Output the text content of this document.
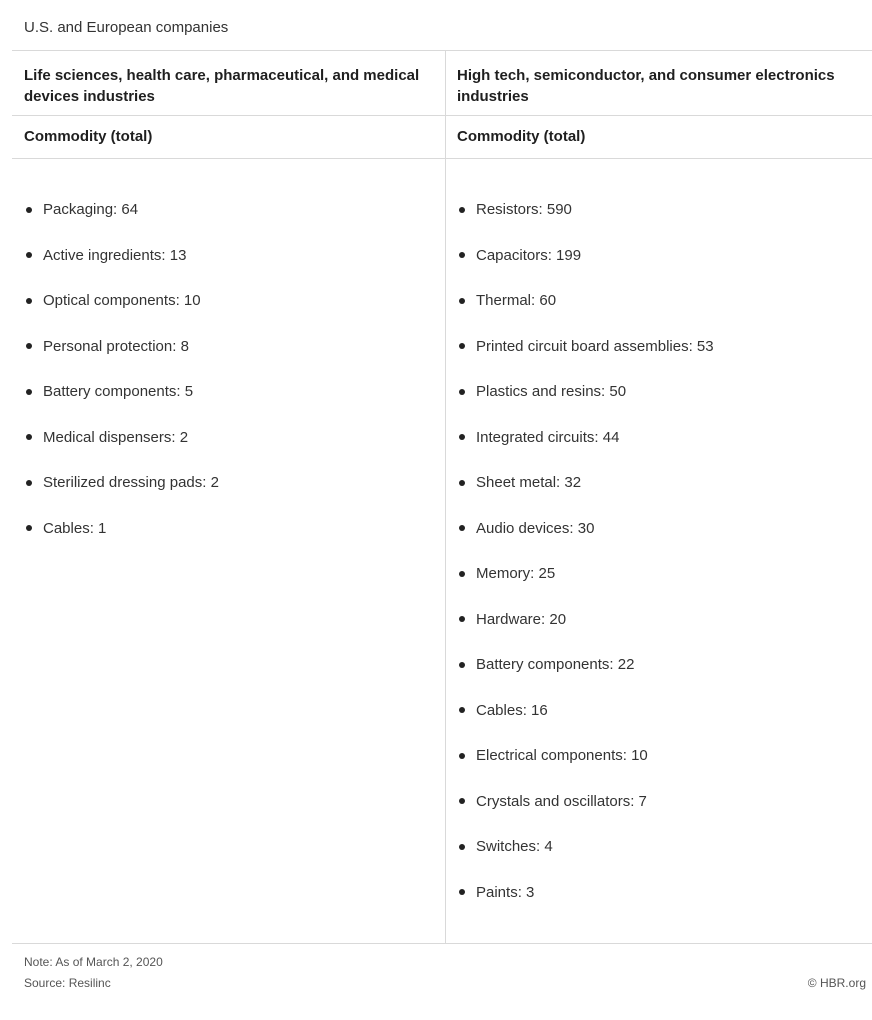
U.S. and European companies
Life sciences, health care, pharmaceutical, and medical devices industries
Commodity (total)
Packaging: 64
Active ingredients: 13
Optical components: 10
Personal protection: 8
Battery components: 5
Medical dispensers: 2
Sterilized dressing pads: 2
Cables: 1
High tech, semiconductor, and consumer electronics industries
Commodity (total)
Resistors: 590
Capacitors: 199
Thermal: 60
Printed circuit board assemblies: 53
Plastics and resins: 50
Integrated circuits: 44
Sheet metal: 32
Audio devices: 30
Memory: 25
Hardware: 20
Battery components: 22
Cables: 16
Electrical components: 10
Crystals and oscillators: 7
Switches: 4
Paints: 3
Note: As of March 2, 2020
Source: Resilinc	© HBR.org
